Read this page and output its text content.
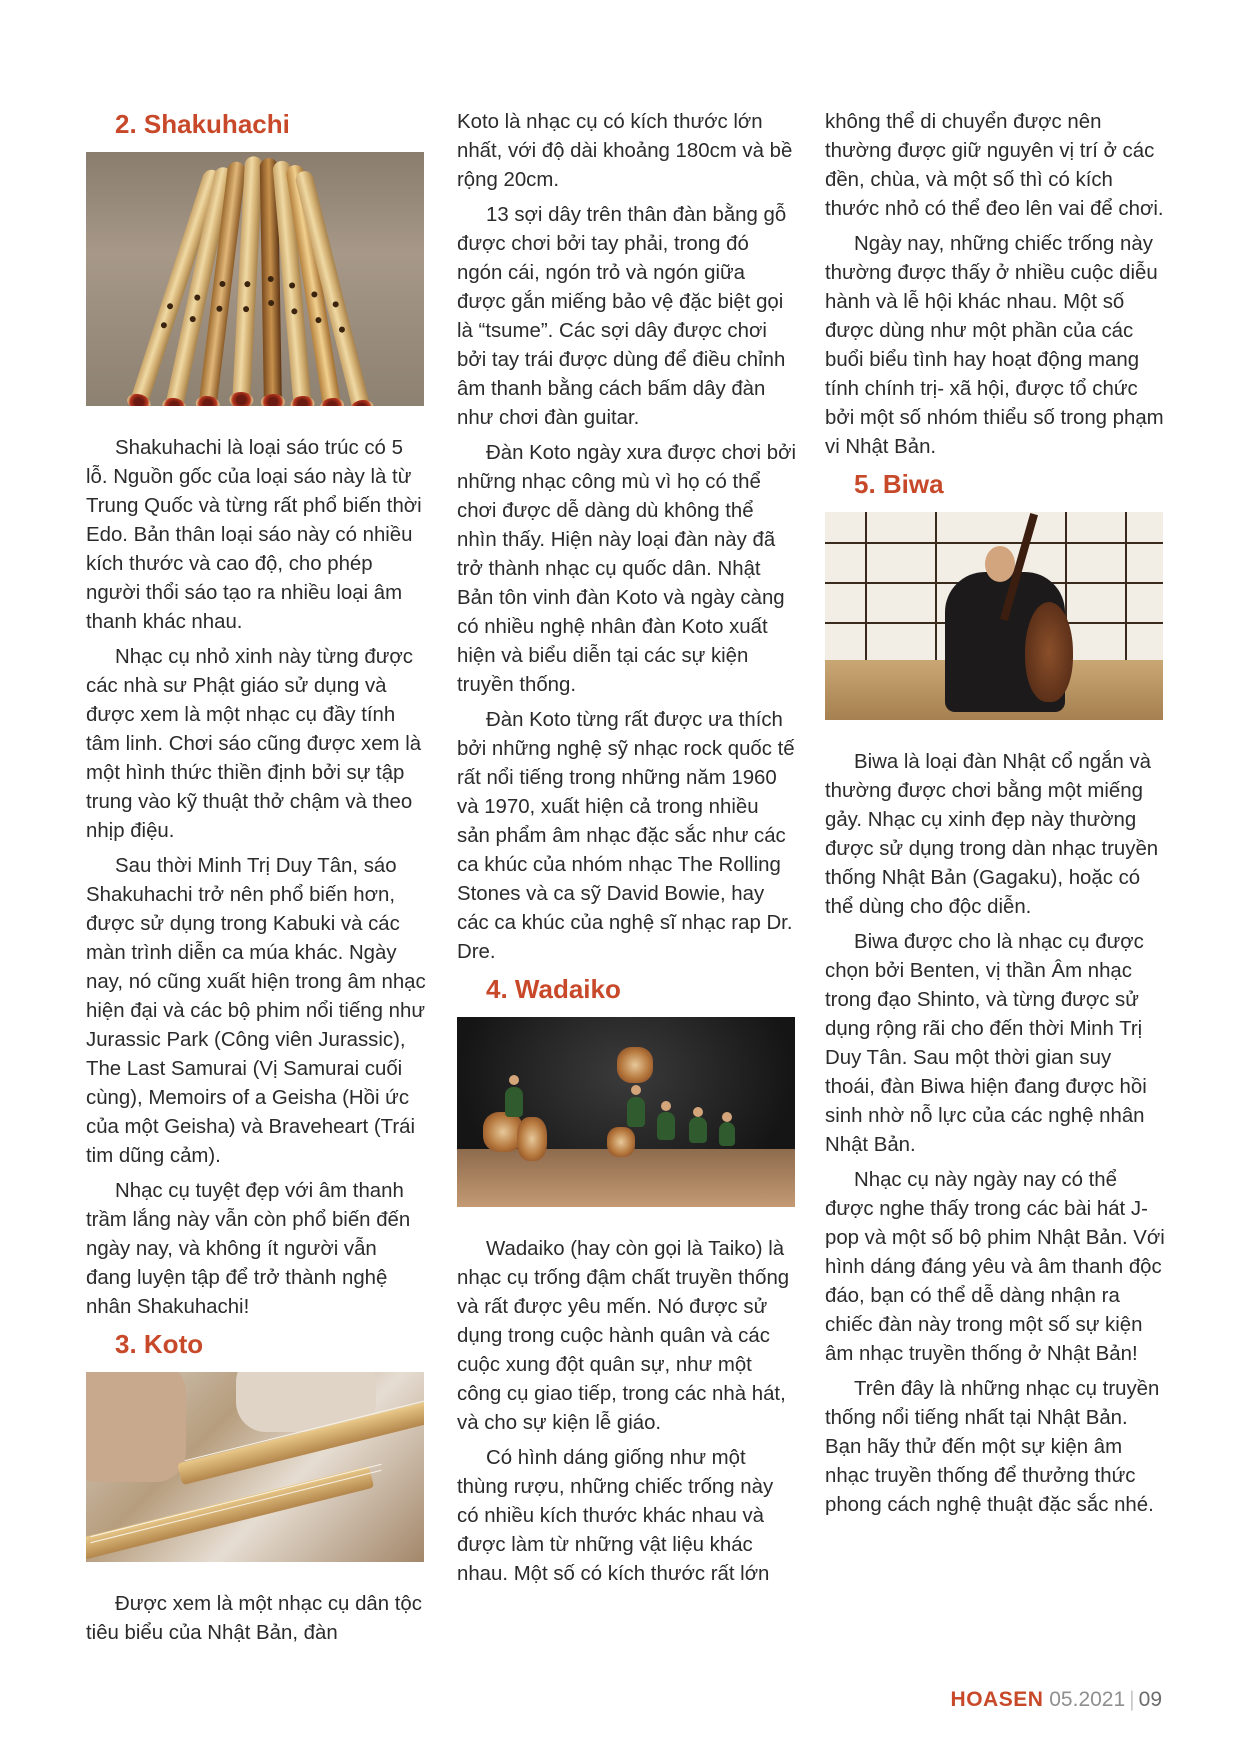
2. Shakuhachi

Shakuhachi là loại sáo trúc có 5 lỗ. Nguồn gốc của loại sáo này là từ Trung Quốc và từng rất phổ biến thời Edo. Bản thân loại sáo này có nhiều kích thước và cao độ, cho phép người thổi sáo tạo ra nhiều loại âm thanh khác nhau.

Nhạc cụ nhỏ xinh này từng được các nhà sư Phật giáo sử dụng và được xem là một nhạc cụ đầy tính tâm linh. Chơi sáo cũng được xem là một hình thức thiền định bởi sự tập trung vào kỹ thuật thở chậm và theo nhịp điệu.

Sau thời Minh Trị Duy Tân, sáo Shakuhachi trở nên phổ biến hơn, được sử dụng trong Kabuki và các màn trình diễn ca múa khác. Ngày nay, nó cũng xuất hiện trong âm nhạc hiện đại và các bộ phim nổi tiếng như Jurassic Park (Công viên Jurassic), The Last Samurai (Vị Samurai cuối cùng), Memoirs of a Geisha (Hồi ức của một Geisha) và Braveheart (Trái tim dũng cảm).

Nhạc cụ tuyệt đẹp với âm thanh trầm lắng này vẫn còn phổ biến đến ngày nay, và không ít người vẫn đang luyện tập để trở thành nghệ nhân Shakuhachi!

3. Koto

Được xem là một nhạc cụ dân tộc tiêu biểu của Nhật Bản, đàn

Koto là nhạc cụ có kích thước lớn nhất, với độ dài khoảng 180cm và bề rộng 20cm.

13 sợi dây trên thân đàn bằng gỗ được chơi bởi tay phải, trong đó ngón cái, ngón trỏ và ngón giữa được gắn miếng bảo vệ đặc biệt gọi là “tsume”. Các sợi dây được chơi bởi tay trái được dùng để điều chỉnh âm thanh bằng cách bấm dây đàn như chơi đàn guitar.

Đàn Koto ngày xưa được chơi bởi những nhạc công mù vì họ có thể chơi được dễ dàng dù không thể nhìn thấy. Hiện này loại đàn này đã trở thành nhạc cụ quốc dân. Nhật Bản tôn vinh đàn Koto và ngày càng có nhiều nghệ nhân đàn Koto xuất hiện và biểu diễn tại các sự kiện truyền thống.

Đàn Koto từng rất được ưa thích bởi những nghệ sỹ nhạc rock quốc tế rất nổi tiếng trong những năm 1960 và 1970, xuất hiện cả trong nhiều sản phẩm âm nhạc đặc sắc như các ca khúc của nhóm nhạc The Rolling Stones và ca sỹ David Bowie, hay các ca khúc của nghệ sĩ nhạc rap Dr. Dre.

4. Wadaiko

Wadaiko (hay còn gọi là Taiko) là nhạc cụ trống đậm chất truyền thống và rất được yêu mến. Nó được sử dụng trong cuộc hành quân và các cuộc xung đột quân sự, như một công cụ giao tiếp, trong các nhà hát, và cho sự kiện lễ giáo.

Có hình dáng giống như một thùng rượu, những chiếc trống này có nhiều kích thước khác nhau và được làm từ những vật liệu khác nhau. Một số có kích thước rất lớn

không thể di chuyển được nên thường được giữ nguyên vị trí ở các đền, chùa, và một số thì có kích thước nhỏ có thể đeo lên vai để chơi.

Ngày nay, những chiếc trống này thường được thấy ở nhiều cuộc diễu hành và lễ hội khác nhau. Một số được dùng như một phần của các buổi biểu tình hay hoạt động mang tính chính trị- xã hội, được tổ chức bởi một số nhóm thiểu số trong phạm vi Nhật Bản.

5. Biwa

Biwa là loại đàn Nhật cổ ngắn và thường được chơi bằng một miếng gảy. Nhạc cụ xinh đẹp này thường được sử dụng trong dàn nhạc truyền thống Nhật Bản (Gagaku), hoặc có thể dùng cho độc diễn.

Biwa được cho là nhạc cụ được chọn bởi Benten, vị thần Âm nhạc trong đạo Shinto, và từng được sử dụng rộng rãi cho đến thời Minh Trị Duy Tân. Sau một thời gian suy thoái, đàn Biwa hiện đang được hồi sinh nhờ nỗ lực của các nghệ nhân Nhật Bản.

Nhạc cụ này ngày nay có thể được nghe thấy trong các bài hát J-pop và một số bộ phim Nhật Bản. Với hình dáng đáng yêu và âm thanh độc đáo, bạn có thể dễ dàng nhận ra chiếc đàn này trong một số sự kiện âm nhạc truyền thống ở Nhật Bản!

Trên đây là những nhạc cụ truyền thống nổi tiếng nhất tại Nhật Bản. Bạn hãy thử đến một sự kiện âm nhạc truyền thống để thưởng thức phong cách nghệ thuật đặc sắc nhé.

HOASEN 05.2021 | 09
